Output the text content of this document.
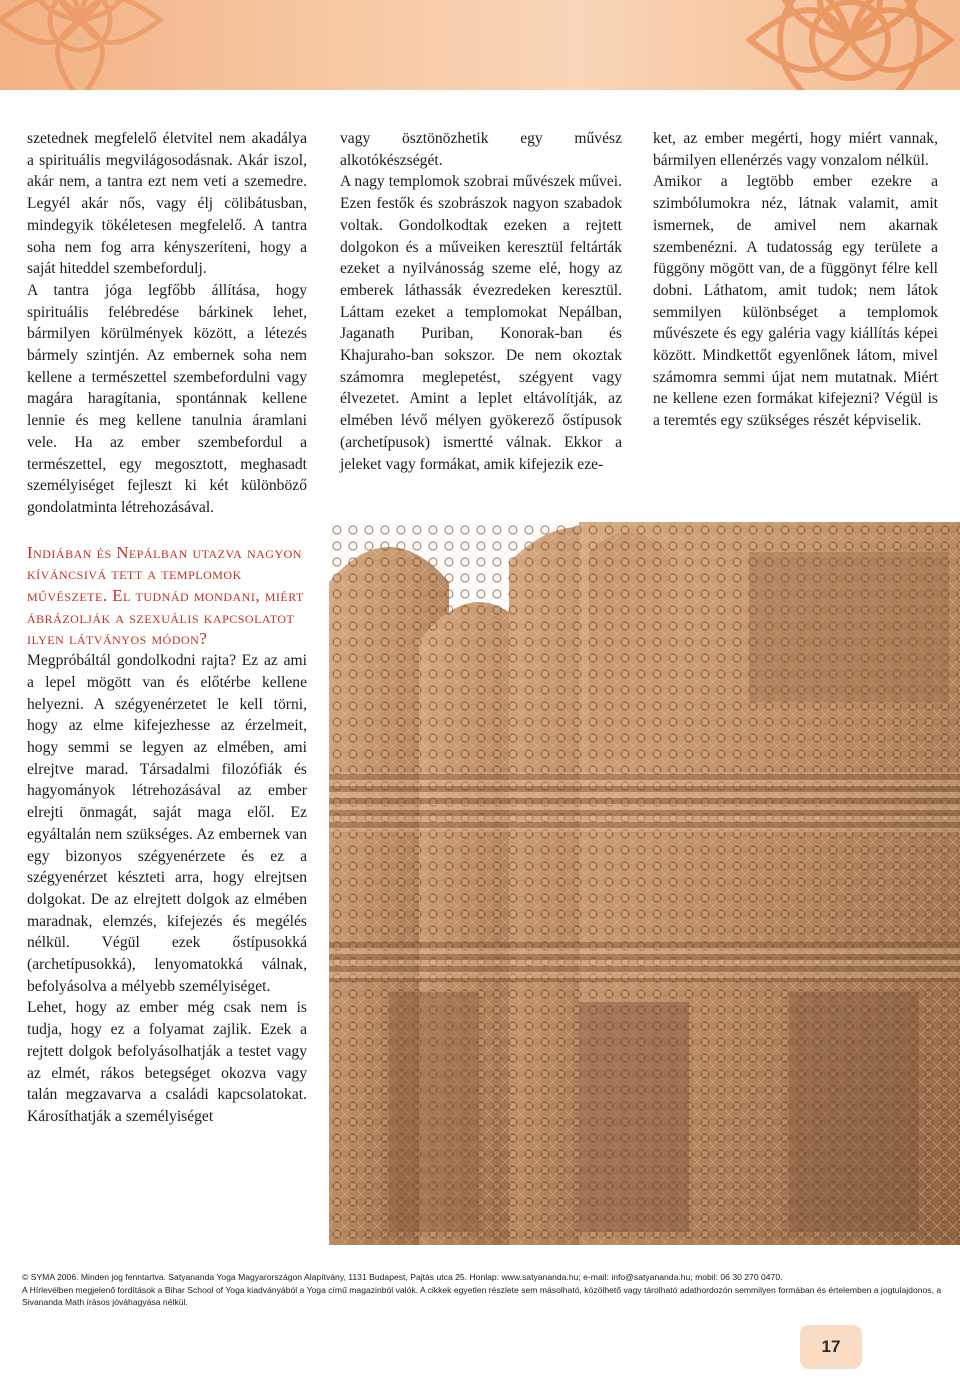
szetednek megfelelő életvitel nem akadálya a spirituális megvilágosodásnak. Akár iszol, akár nem, a tantra ezt nem veti a szemedre. Legyél akár nős, vagy élj cölibátusban, mindegyik tökéletesen megfelelő. A tantra soha nem fog arra kényszeríteni, hogy a saját hiteddel szembefordulj.

A tantra jóga legfőbb állítása, hogy spirituális felébredése bárkinek lehet, bármilyen körülmények között, a létezés bármely szintjén. Az embernek soha nem kellene a természettel szembefordulni vagy magára haragítania, spontánnak kellene lennie és meg kellene tanulnia áramlani vele. Ha az ember szembefordul a természettel, egy megosztott, meghasadt személyiséget fejleszt ki két különböző gondolatminta létrehozásával.

Indiában és Nepálban utazva nagyon kíváncsivá tett a templomok művészete. El tudnád mondani, miért ábrázolják a szexuális kapcsolatot ilyen látványos módon?

Megpróbáltál gondolkodni rajta? Ez az ami a lepel mögött van és előtérbe kellene helyezni. A szégyenérzetet le kell törni, hogy az elme kifejezhesse az érzelmeit, hogy semmi se legyen az elmében, ami elrejtve marad. Társadalmi filozófiák és hagyományok létrehozásával az ember elrejti önmagát, saját maga elől. Ez egyáltalán nem szükséges. Az embernek van egy bizonyos szégyenérzete és ez a szégyenérzet készteti arra, hogy elrejtsen dolgokat. De az elrejtett dolgok az elmében maradnak, elemzés, kifejezés és megélés nélkül. Végül ezek őstípusokká (archetípusokká), lenyomatokká válnak, befolyásolva a mélyebb személyiséget.

Lehet, hogy az ember még csak nem is tudja, hogy ez a folyamat zajlik. Ezek a rejtett dolgok befolyásolhatják a testet vagy az elmét, rákos betegséget okozva vagy talán megzavarva a családi kapcsolatokat. Károsíthatják a személyiséget

vagy ösztönözhetik egy művész alkotókészségét.

A nagy templomok szobrai művészek művei. Ezen festők és szobrászok nagyon szabadok voltak. Gondolkodtak ezeken a rejtett dolgokon és a műveiken keresztül feltárták ezeket a nyilvánosság szeme elé, hogy az emberek láthassák évezredeken keresztül. Láttam ezeket a templomokat Nepálban, Jaganath Puriban, Konorak-ban és Khajuraho-ban sokszor. De nem okoztak számomra meglepetést, szégyent vagy élvezetet. Amint a leplet eltávolítják, az elmében lévő mélyen gyökerező őstípusok (archetípusok) ismertté válnak. Ekkor a jeleket vagy formákat, amik kifejezik eze-

ket, az ember megérti, hogy miért vannak, bármilyen ellenérzés vagy vonzalom nélkül.

Amikor a legtöbb ember ezekre a szimbólumokra néz, látnak valamit, amit ismernek, de amivel nem akarnak szembenézni. A tudatosság egy területe a függöny mögött van, de a függönyt félre kell dobni. Láthatom, amit tudok; nem látok semmilyen különbséget a templomok művészete és egy galéria vagy kiállítás képei között. Mindkettőt egyenlőnek látom, mivel számomra semmi újat nem mutatnak. Miért ne kellene ezen formákat kifejezni? Végül is a teremtés egy szükséges részét képviselik.

© SYMA 2006. Minden jog fenntartva. Satyananda Yoga Magyarországon Alapítvány, 1131 Budapest, Pajtás utca 25. Honlap: www.satyananda.hu; e-mail: info@satyananda.hu; mobil: 06 30 270 0470.

A Hírlevélben megjelenő fordítások a Bihar School of Yoga kiadványából a Yoga című magazinból valók. A cikkek egyetlen részlete sem másolható, közölhető vagy tárolható adathordozón semmilyen formában és értelemben a jogtulajdonos, a Sivananda Math írásos jóváhagyása nélkül.

17
